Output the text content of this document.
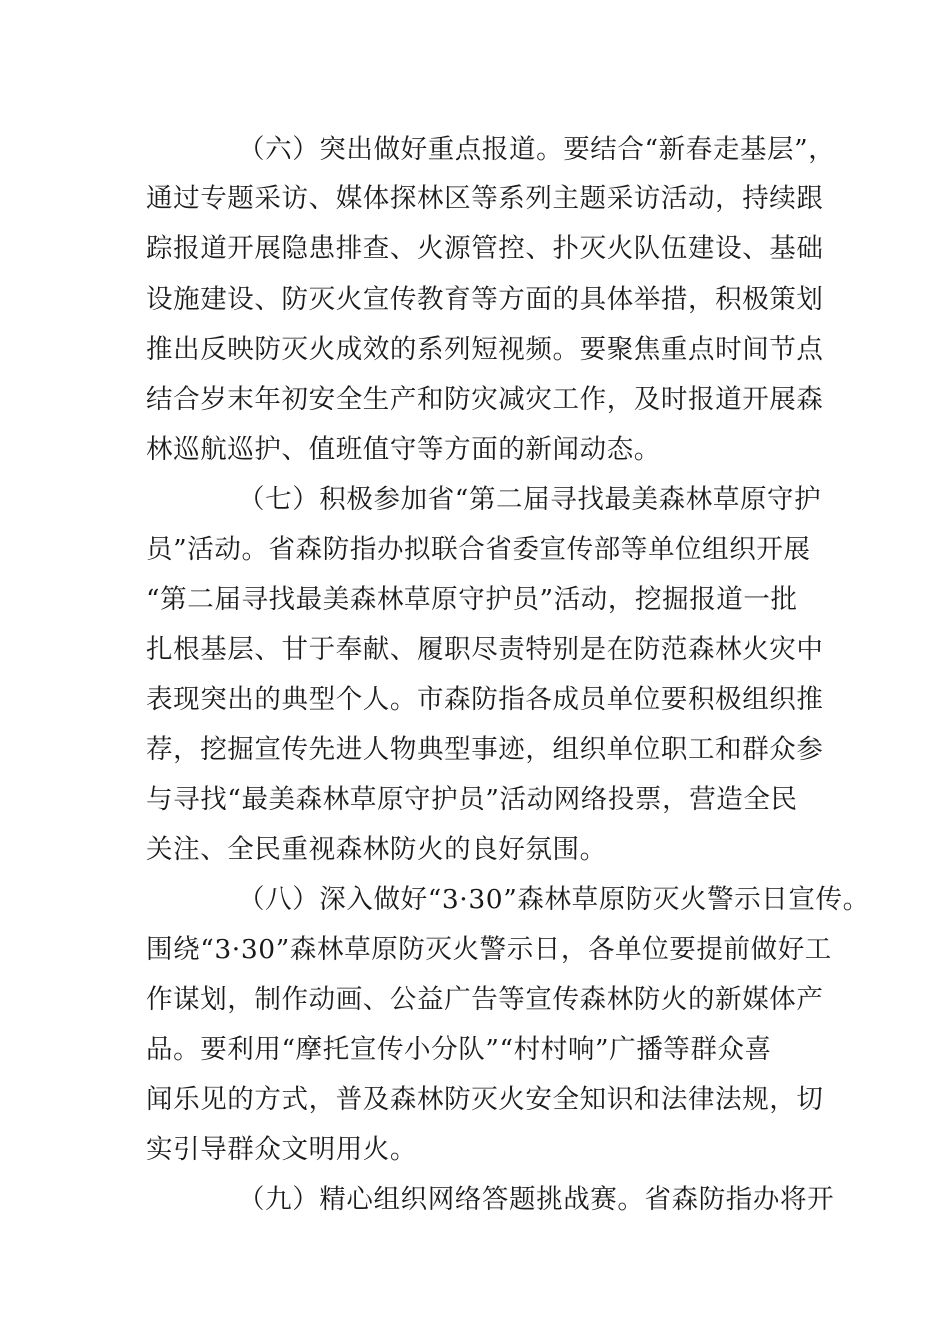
（六）突出做好重点报道。要结合“新春走基层”，
通过专题采访、媒体探林区等系列主题采访活动，持续跟
踪报道开展隐患排查、火源管控、扑灭火队伍建设、基础
设施建设、防灭火宣传教育等方面的具体举措，积极策划
推出反映防灭火成效的系列短视频。要聚焦重点时间节点
结合岁末年初安全生产和防灾减灾工作，及时报道开展森
林巡航巡护、值班值守等方面的新闻动态。
（七）积极参加省“第二届寻找最美森林草原守护
员”活动。省森防指办拟联合省委宣传部等单位组织开展
“第二届寻找最美森林草原守护员”活动，挖掘报道一批
扎根基层、甘于奉献、履职尽责特别是在防范森林火灾中
表现突出的典型个人。市森防指各成员单位要积极组织推
荐，挖掘宣传先进人物典型事迹，组织单位职工和群众参
与寻找“最美森林草原守护员”活动网络投票，营造全民
关注、全民重视森林防火的良好氛围。
（八）深入做好“3·30”森林草原防灭火警示日宣传。
围绕“3·30”森林草原防灭火警示日，各单位要提前做好工
作谋划，制作动画、公益广告等宣传森林防火的新媒体产
品。要利用“摩托宣传小分队”“村村响”广播等群众喜
闻乐见的方式，普及森林防灭火安全知识和法律法规，切
实引导群众文明用火。
（九）精心组织网络答题挑战赛。省森防指办将开
